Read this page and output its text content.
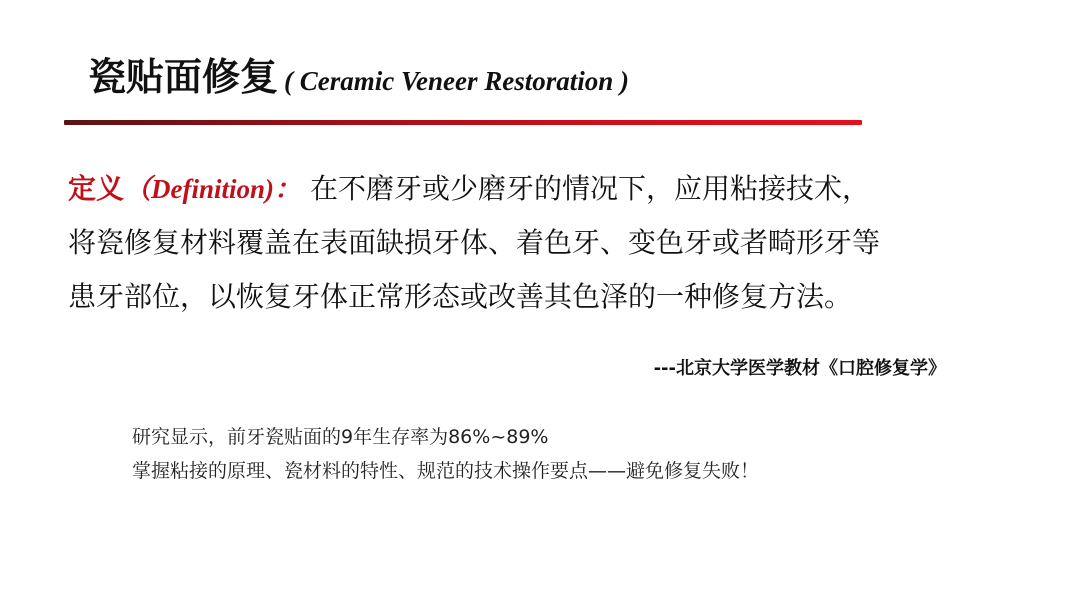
瓷贴面修复 ( Ceramic Veneer Restoration )
定义（Definition)： 在不磨牙或少磨牙的情况下，应用粘接技术，
将瓷修复材料覆盖在表面缺损牙体、着色牙、变色牙或者畸形牙等
患牙部位，以恢复牙体正常形态或改善其色泽的一种修复方法。
---北京大学医学教材《口腔修复学》
研究显示，前牙瓷贴面的9年生存率为86%~89%
掌握粘接的原理、瓷材料的特性、规范的技术操作要点——避免修复失败！
